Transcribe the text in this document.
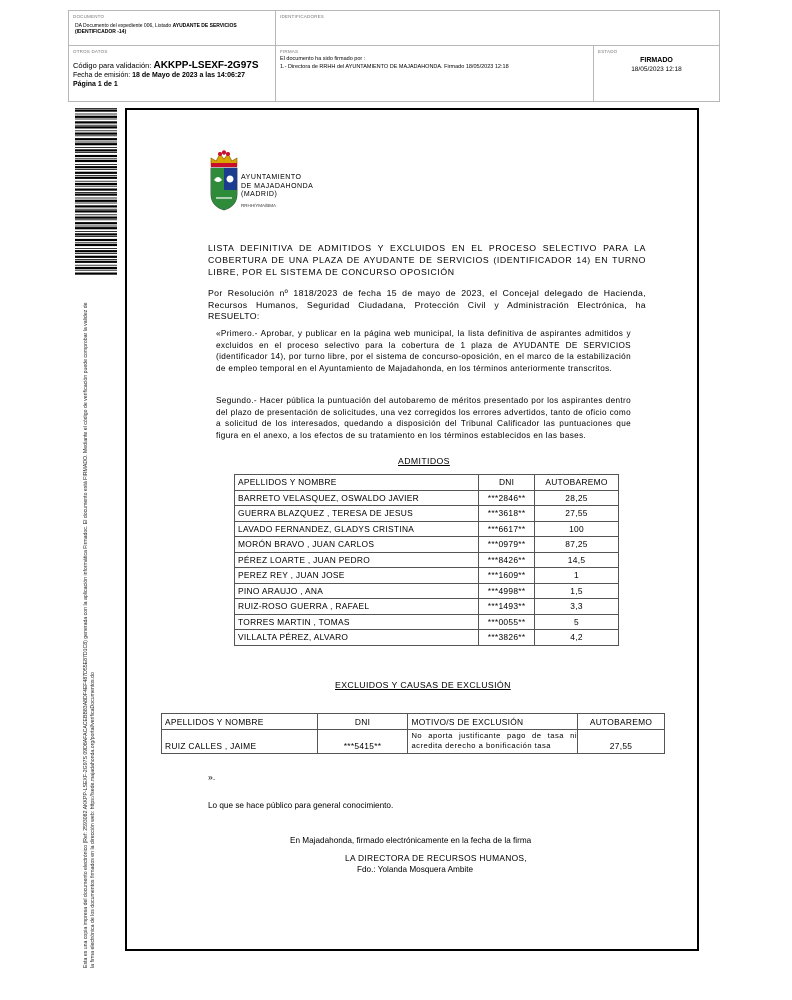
DOCUMENTO
DA Documento del expediente 006, Listado AYUDANTE DE SERVICIOS (IDENTIFICADOR -14)
IDENTIFICADORES
OTROS DATOS
Código para validación: AKKPP-LSEXF-2G97S
Fecha de emisión: 18 de Mayo de 2023 a las 14:06:27
Página 1 de 1
FIRMAS
El documento ha sido firmado por :
1.- Directora de RRHH del AYUNTAMIENTO DE MAJADAHONDA. Firmado 18/05/2023 12:18
ESTADO
FIRMADO
18/05/2023 12:18
Esta es una copia impresa del documento electrónico (Ref: 2593082 AKKPP-LSEXF-2G97S 09D8AFACACEBB83A8DF4EF487D55E87D1C8) generada con la aplicación informática Firmadoc. El documento está FIRMADO. Mediante el código de verificación puede comprobar la validez de la firma electrónica de los documentos firmados en la dirección web: https://sede.majadahonda.org/portal/verificaDocumentos.do
AYUNTAMIENTO
DE MAJADAHONDA
(MADRID)
RRHH/YMA/BMA
LISTA DEFINITIVA DE ADMITIDOS Y EXCLUIDOS EN EL PROCESO SELECTIVO PARA LA COBERTURA DE UNA PLAZA DE AYUDANTE DE SERVICIOS (IDENTIFICADOR 14) EN TURNO LIBRE, POR EL SISTEMA DE CONCURSO OPOSICIÓN
Por Resolución nº 1818/2023 de fecha 15 de mayo de 2023, el Concejal delegado de Hacienda, Recursos Humanos, Seguridad Ciudadana, Protección Civil y Administración Electrónica, ha RESUELTO:
«Primero.- Aprobar, y publicar en la página web municipal, la lista definitiva de aspirantes admitidos y excluidos en el proceso selectivo para la cobertura de 1 plaza de AYUDANTE DE SERVICIOS (identificador 14), por turno libre, por el sistema de concurso-oposición, en el marco de la estabilización de empleo temporal en el Ayuntamiento de Majadahonda, en los términos anteriormente transcritos.
Segundo.- Hacer pública la puntuación del autobaremo de méritos presentado por los aspirantes dentro del plazo de presentación de solicitudes, una vez corregidos los errores advertidos, tanto de oficio como a solicitud de los interesados, quedando a disposición del Tribunal Calificador las puntuaciones que figura en el anexo, a los efectos de su tratamiento en los términos establecidos en las bases.
ADMITIDOS
APELLIDOS Y NOMBRE	DNI	AUTOBAREMO
BARRETO VELASQUEZ, OSWALDO JAVIER	***2846**	28,25
GUERRA BLAZQUEZ , TERESA DE JESUS	***3618**	27,55
LAVADO FERNANDEZ, GLADYS CRISTINA	***6617**	100
MORÓN BRAVO , JUAN CARLOS	***0979**	87,25
PÉREZ LOARTE , JUAN PEDRO	***8426**	14,5
PEREZ REY , JUAN JOSE	***1609**	1
PINO ARAUJO , ANA	***4998**	1,5
RUIZ-ROSO GUERRA , RAFAEL	***1493**	3,3
TORRES MARTIN , TOMAS	***0055**	5
VILLALTA PÉREZ, ALVARO	***3826**	4,2
EXCLUIDOS Y CAUSAS DE EXCLUSIÓN
APELLIDOS Y NOMBRE	DNI	MOTIVO/S DE EXCLUSIÓN	AUTOBAREMO
RUIZ CALLES , JAIME	***5415**	No aporta justificante pago de tasa ni acredita derecho a bonificación tasa	27,55
».
Lo que se hace público para general conocimiento.
En Majadahonda, firmado electrónicamente en la fecha de la firma
LA DIRECTORA DE RECURSOS HUMANOS,
Fdo.: Yolanda Mosquera Ambite
